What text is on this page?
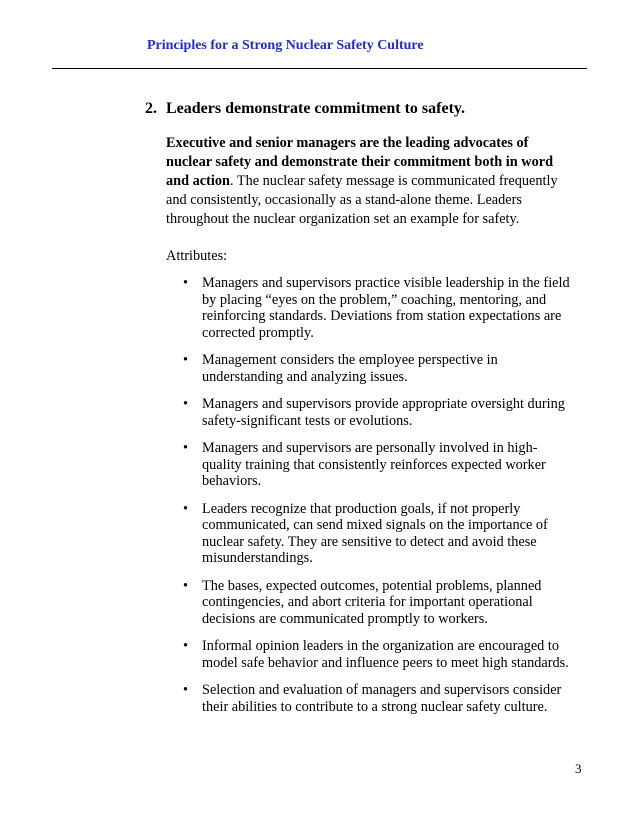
Principles for a Strong Nuclear Safety Culture
2. Leaders demonstrate commitment to safety.

Executive and senior managers are the leading advocates of nuclear safety and demonstrate their commitment both in word and action. The nuclear safety message is communicated frequently and consistently, occasionally as a stand-alone theme. Leaders throughout the nuclear organization set an example for safety.

Attributes:

• Managers and supervisors practice visible leadership in the field by placing “eyes on the problem,” coaching, mentoring, and reinforcing standards. Deviations from station expectations are corrected promptly.
• Management considers the employee perspective in understanding and analyzing issues.
• Managers and supervisors provide appropriate oversight during safety-significant tests or evolutions.
• Managers and supervisors are personally involved in high-quality training that consistently reinforces expected worker behaviors.
• Leaders recognize that production goals, if not properly communicated, can send mixed signals on the importance of nuclear safety. They are sensitive to detect and avoid these misunderstandings.
• The bases, expected outcomes, potential problems, planned contingencies, and abort criteria for important operational decisions are communicated promptly to workers.
• Informal opinion leaders in the organization are encouraged to model safe behavior and influence peers to meet high standards.
• Selection and evaluation of managers and supervisors consider their abilities to contribute to a strong nuclear safety culture.
3
